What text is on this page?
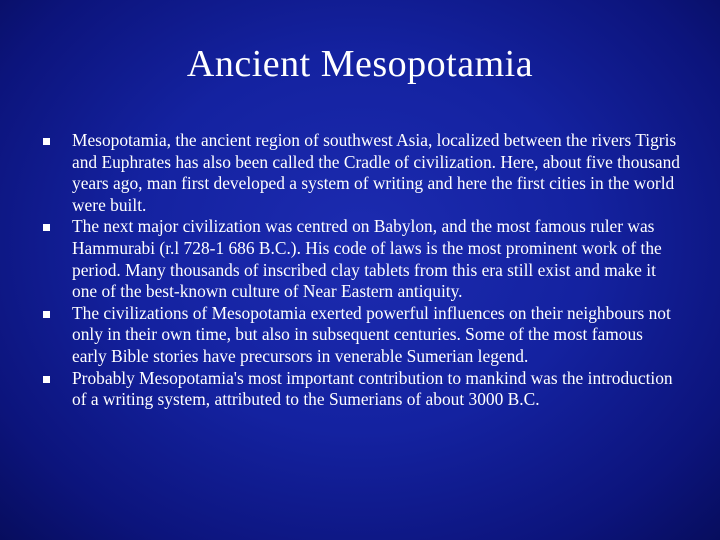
Ancient Mesopotamia
Mesopotamia, the ancient region of southwest Asia, localized between the rivers Tigris and Euphrates has also been called the Cradle of civilization. Here, about five thousand years ago, man first developed a system of writing and here the first cities in the world were built.
The next major civilization was centred on Babylon, and the most famous ruler was Hammurabi (r.l 728-1 686 B.C.). His code of laws is the most prominent work of the period. Many thousands of inscribed clay tablets from this era still exist and make it one of the best-known culture of Near Eastern antiquity.
The civilizations of Mesopotamia exerted powerful influences on their neighbours not only in their own time, but also in subsequent centuries. Some of the most famous early Bible stories have precursors in venerable Sumerian legend.
Probably Mesopotamia's most important contribution to mankind was the introduction of a writing system, attributed to the Sumerians of about 3000 B.C.
